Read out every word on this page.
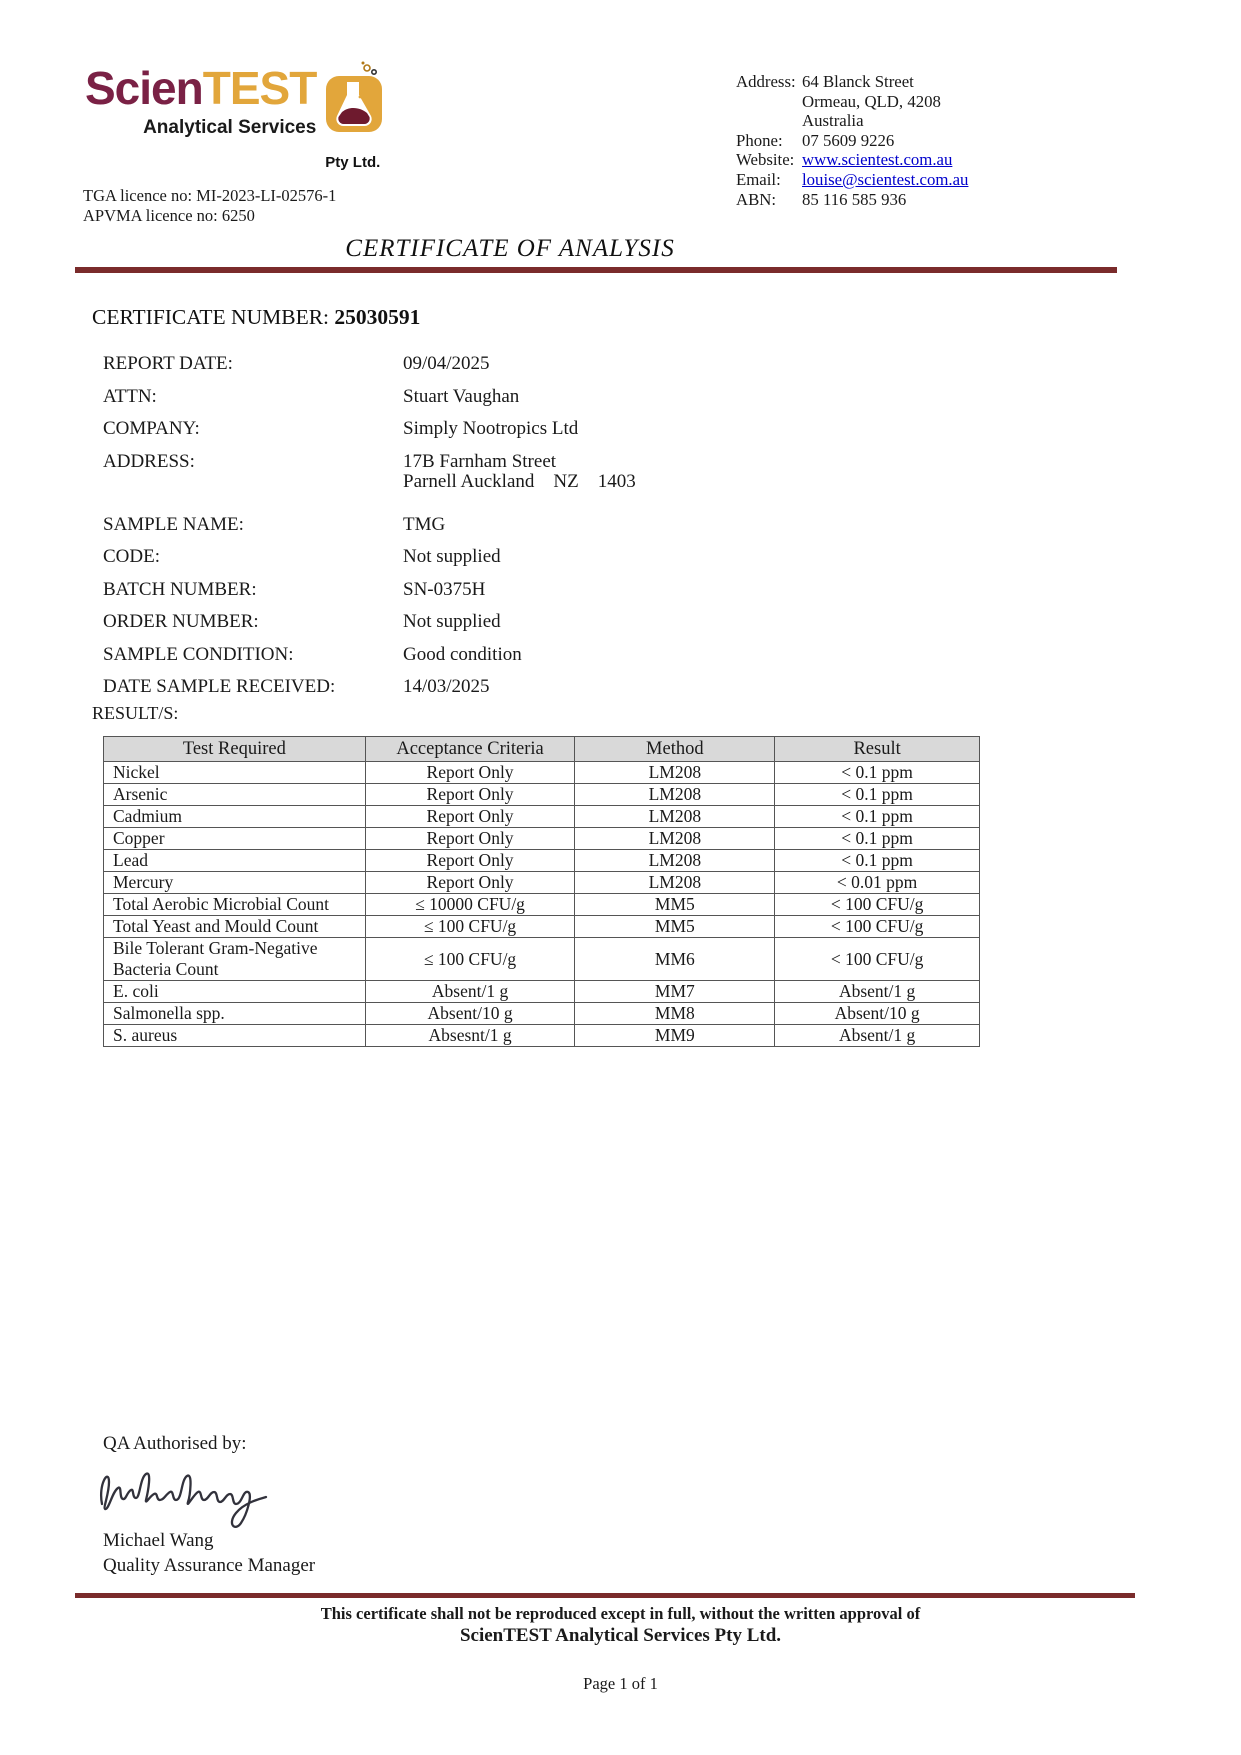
ScienTEST
Analytical Services
Pty Ltd.
TGA licence no: MI-2023-LI-02576-1
APVMA licence no: 6250
Address: 64 Blanck Street
Ormeau, QLD, 4208
Australia
Phone:	07 5609 9226
Website: www.scientest.com.au
Email:	louise@scientest.com.au
ABN:	85 116 585 936
CERTIFICATE OF ANALYSIS
CERTIFICATE NUMBER: 25030591
REPORT DATE:	09/04/2025
ATTN:	Stuart Vaughan
COMPANY:	Simply Nootropics Ltd
ADDRESS:	17B Farnham Street
Parnell Auckland    NZ    1403
SAMPLE NAME:	TMG
CODE:	Not supplied
BATCH NUMBER:	SN-0375H
ORDER NUMBER:	Not supplied
SAMPLE CONDITION:	Good condition
DATE SAMPLE RECEIVED:	14/03/2025
RESULT/S:
Test Required	Acceptance Criteria	Method	Result
Nickel	Report Only	LM208	< 0.1 ppm
Arsenic	Report Only	LM208	< 0.1 ppm
Cadmium	Report Only	LM208	< 0.1 ppm
Copper	Report Only	LM208	< 0.1 ppm
Lead	Report Only	LM208	< 0.1 ppm
Mercury	Report Only	LM208	< 0.01 ppm
Total Aerobic Microbial Count	≤ 10000 CFU/g	MM5	< 100 CFU/g
Total Yeast and Mould Count	≤ 100 CFU/g	MM5	< 100 CFU/g
Bile Tolerant Gram-Negative Bacteria Count	≤ 100 CFU/g	MM6	< 100 CFU/g
E. coli	Absent/1 g	MM7	Absent/1 g
Salmonella spp.	Absent/10 g	MM8	Absent/10 g
S. aureus	Absesnt/1 g	MM9	Absent/1 g
QA Authorised by:
Michael Wang
Quality Assurance Manager
This certificate shall not be reproduced except in full, without the written approval of
ScienTEST Analytical Services Pty Ltd.
Page 1 of 1
